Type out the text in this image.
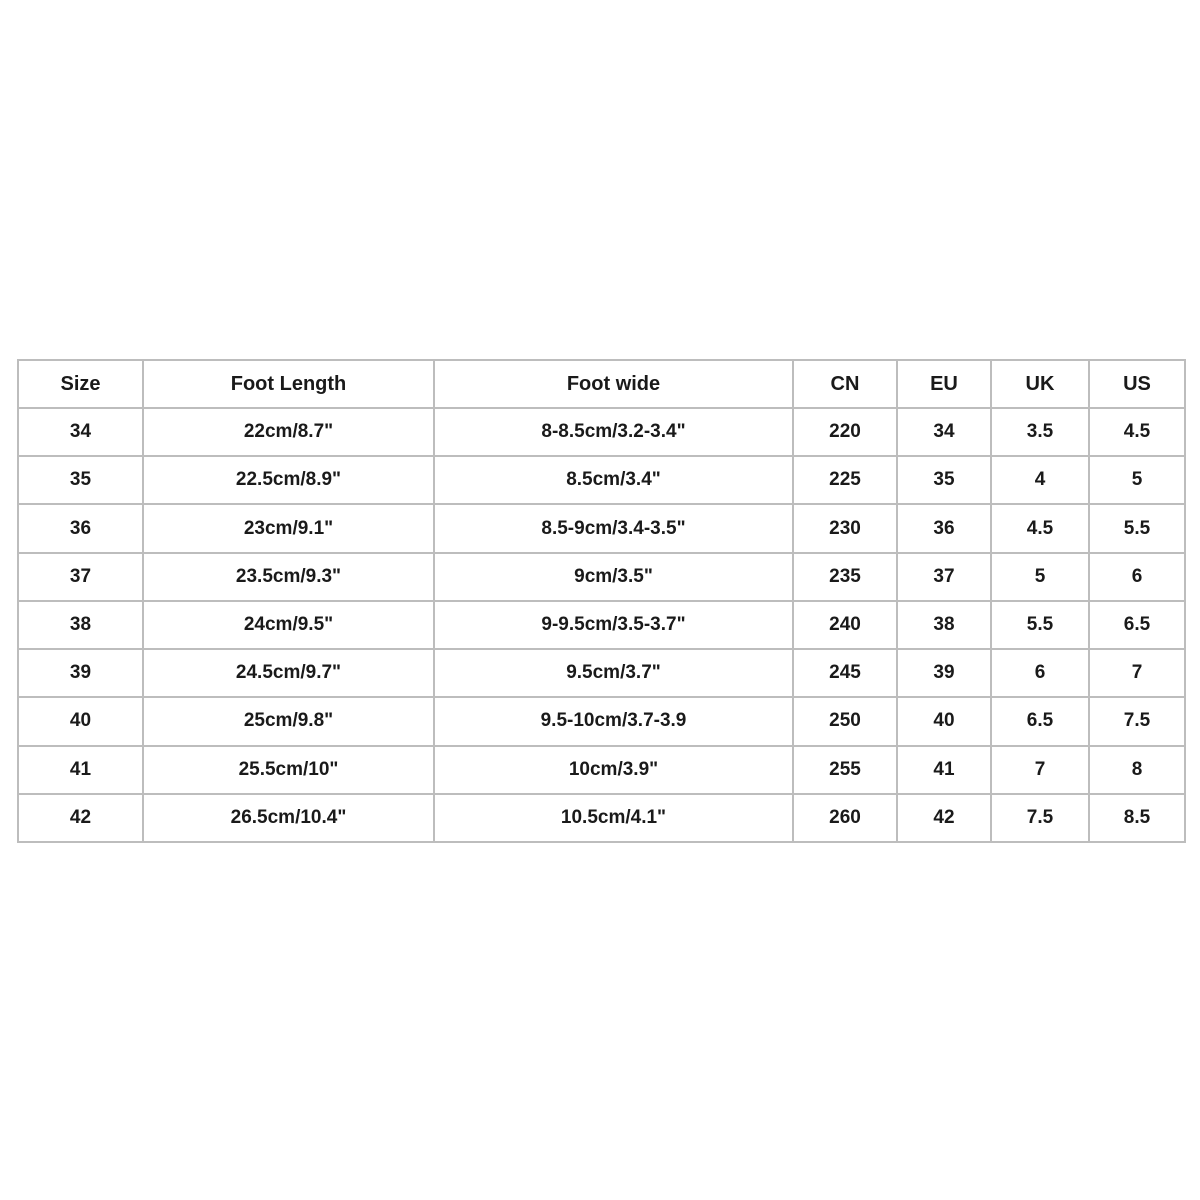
Size	Foot Length	Foot wide	CN	EU	UK	US
34	22cm/8.7"	8-8.5cm/3.2-3.4"	220	34	3.5	4.5
35	22.5cm/8.9"	8.5cm/3.4"	225	35	4	5
36	23cm/9.1"	8.5-9cm/3.4-3.5"	230	36	4.5	5.5
37	23.5cm/9.3"	9cm/3.5"	235	37	5	6
38	24cm/9.5"	9-9.5cm/3.5-3.7"	240	38	5.5	6.5
39	24.5cm/9.7"	9.5cm/3.7"	245	39	6	7
40	25cm/9.8"	9.5-10cm/3.7-3.9	250	40	6.5	7.5
41	25.5cm/10"	10cm/3.9"	255	41	7	8
42	26.5cm/10.4"	10.5cm/4.1"	260	42	7.5	8.5
